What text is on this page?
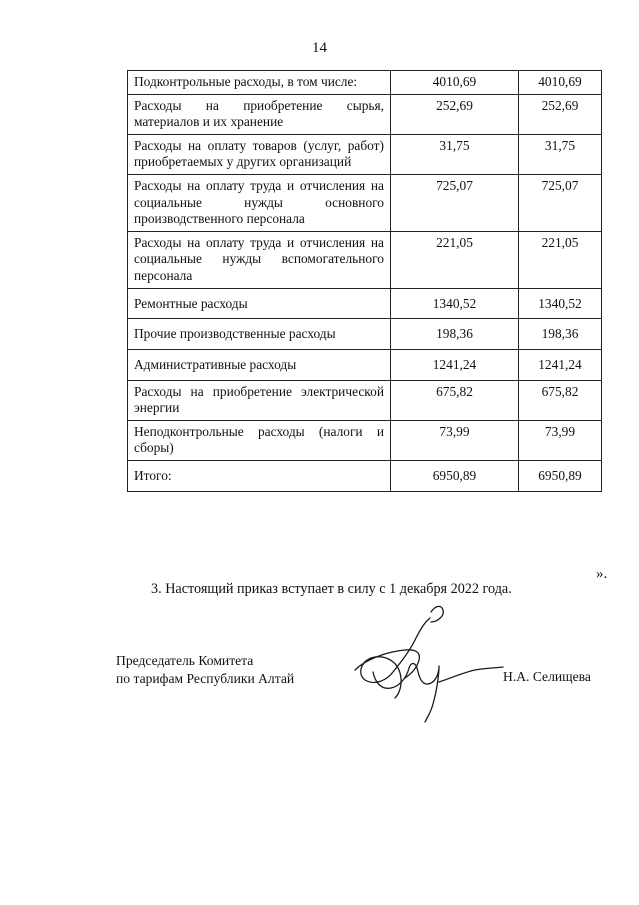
14
Подконтрольные расходы, в том числе:	4010,69	4010,69
Расходы на приобретение сырья, материалов и их хранение	252,69	252,69
Расходы на оплату товаров (услуг, работ) приобретаемых у других организаций	31,75	31,75
Расходы на оплату труда и отчисления на социальные нужды основного производственного персонала	725,07	725,07
Расходы на оплату труда и отчисления на социальные нужды вспомогательного персонала	221,05	221,05
Ремонтные расходы	1340,52	1340,52
Прочие производственные расходы	198,36	198,36
Административные расходы	1241,24	1241,24
Расходы на приобретение электрической энергии	675,82	675,82
Неподконтрольные расходы (налоги и сборы)	73,99	73,99
Итого:	6950,89	6950,89
».
3. Настоящий приказ вступает в силу с 1 декабря 2022 года.
Председатель Комитета
по тарифам Республики Алтай	Н.А. Селищева
